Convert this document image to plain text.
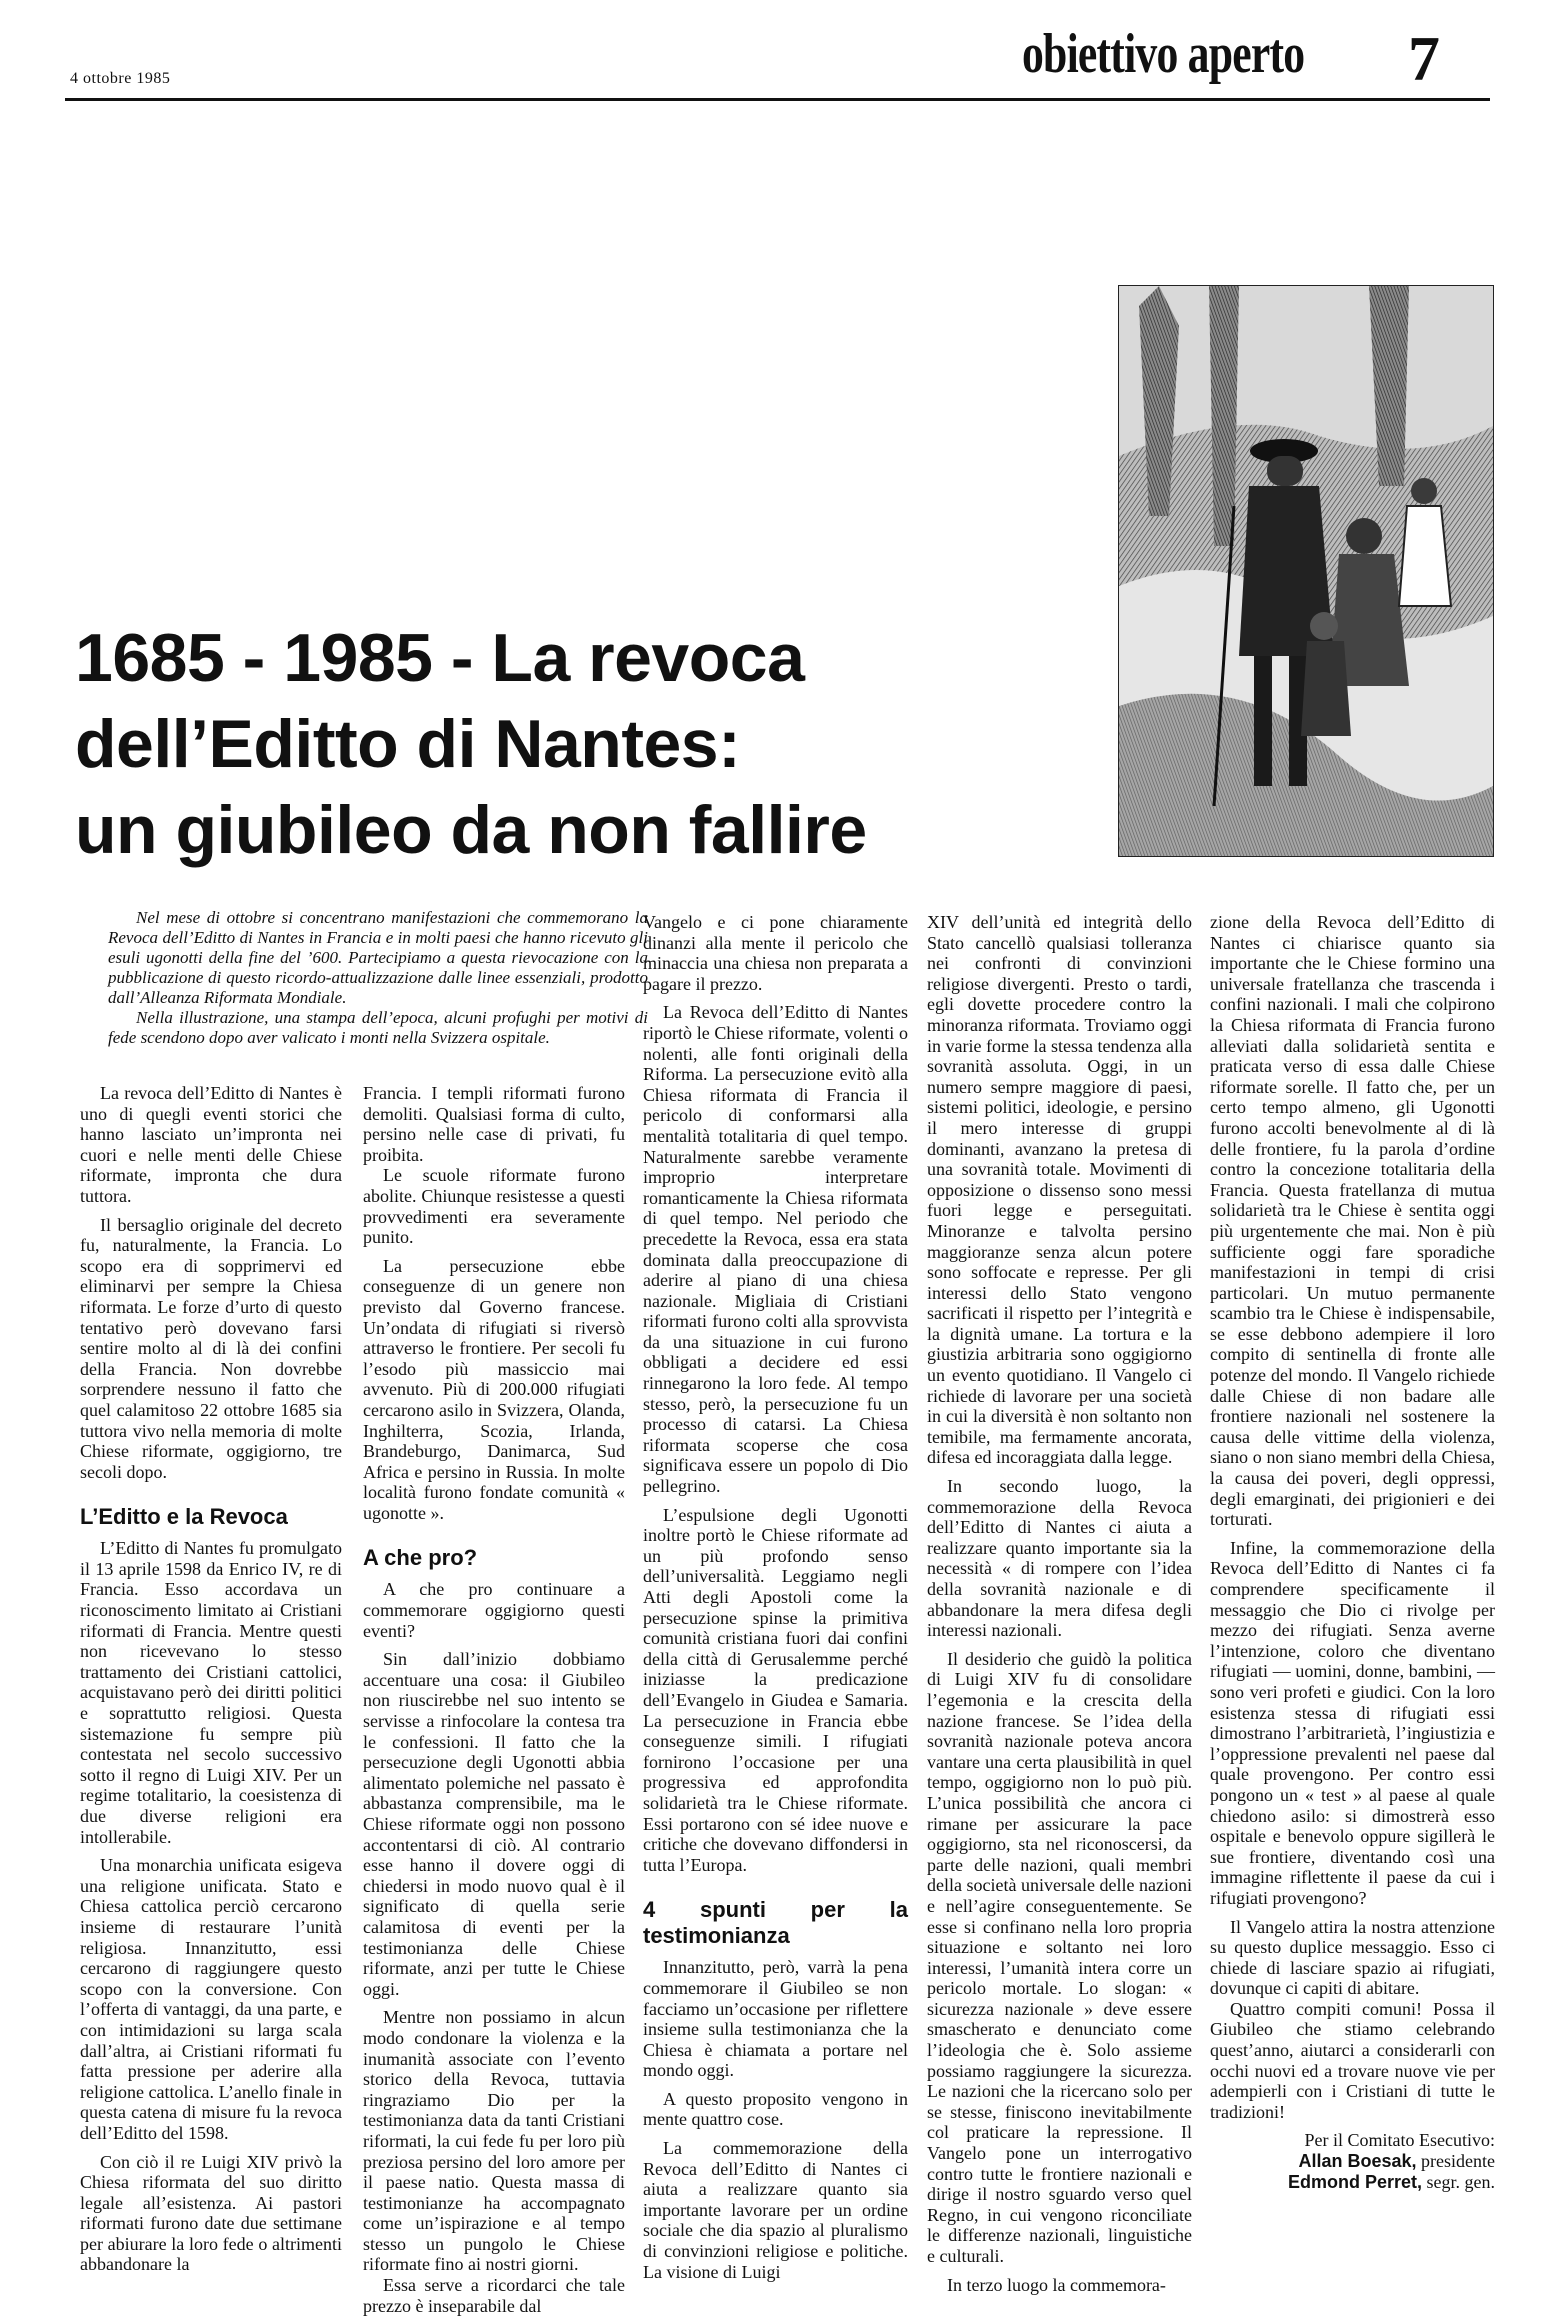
4 ottobre 1985	obiettivo aperto 7
1685 - 1985 - La revoca
dell’Editto di Nantes:
un giubileo da non fallire

Nel mese di ottobre si concentrano manifestazioni che commemorano la Revoca dell’Editto di Nantes in Francia e in molti paesi che hanno ricevuto gli esuli ugonotti della fine del ’600. Partecipiamo a questa rievocazione con la pubblicazione di questo ricordo-attualizzazione dalle linee essenziali, prodotto dall’Alleanza Riformata Mondiale.

Nella illustrazione, una stampa dell’epoca, alcuni profughi per motivi di fede scendono dopo aver valicato i monti nella Svizzera ospitale.

La revoca dell’Editto di Nantes è uno di quegli eventi storici che hanno lasciato un’impronta nei cuori e nelle menti delle Chiese riformate, impronta che dura tuttora.

Il bersaglio originale del decreto fu, naturalmente, la Francia. Lo scopo era di sopprimervi ed eliminarvi per sempre la Chiesa riformata. Le forze d’urto di questo tentativo però dovevano farsi sentire molto al di là dei confini della Francia. Non dovrebbe sorprendere nessuno il fatto che quel calamitoso 22 ottobre 1685 sia tuttora vivo nella memoria di molte Chiese riformate, oggigiorno, tre secoli dopo.

L’Editto e la Revoca

L’Editto di Nantes fu promulgato il 13 aprile 1598 da Enrico IV, re di Francia. Esso accordava un riconoscimento limitato ai Cristiani riformati di Francia. Mentre questi non ricevevano lo stesso trattamento dei Cristiani cattolici, acquistavano però dei diritti politici e soprattutto religiosi. Questa sistemazione fu sempre più contestata nel secolo successivo sotto il regno di Luigi XIV. Per un regime totalitario, la coesistenza di due diverse religioni era intollerabile.

Una monarchia unificata esigeva una religione unificata. Stato e Chiesa cattolica perciò cercarono insieme di restaurare l’unità religiosa. Innanzitutto, essi cercarono di raggiungere questo scopo con la conversione. Con l’offerta di vantaggi, da una parte, e con intimidazioni su larga scala dall’altra, ai Cristiani riformati fu fatta pressione per aderire alla religione cattolica. L’anello finale in questa catena di misure fu la revoca dell’Editto del 1598.

Con ciò il re Luigi XIV privò la Chiesa riformata del suo diritto legale all’esistenza. Ai pastori riformati furono date due settimane per abiurare la loro fede o altrimenti abbandonare la

Francia. I templi riformati furono demoliti. Qualsiasi forma di culto, persino nelle case di privati, fu proibita.

Le scuole riformate furono abolite. Chiunque resistesse a questi provvedimenti era severamente punito.

La persecuzione ebbe conseguenze di un genere non previsto dal Governo francese. Un’ondata di rifugiati si riversò attraverso le frontiere. Per secoli fu l’esodo più massiccio mai avvenuto. Più di 200.000 rifugiati cercarono asilo in Svizzera, Olanda, Inghilterra, Scozia, Irlanda, Brandeburgo, Danimarca, Sud Africa e persino in Russia. In molte località furono fondate comunità « ugonotte ».

A che pro?

A che pro continuare a commemorare oggigiorno questi eventi?

Sin dall’inizio dobbiamo accentuare una cosa: il Giubileo non riuscirebbe nel suo intento se servisse a rinfocolare la contesa tra le confessioni. Il fatto che la persecuzione degli Ugonotti abbia alimentato polemiche nel passato è abbastanza comprensibile, ma le Chiese riformate oggi non possono accontentarsi di ciò. Al contrario esse hanno il dovere oggi di chiedersi in modo nuovo qual è il significato di quella serie calamitosa di eventi per la testimonianza delle Chiese riformate, anzi per tutte le Chiese oggi.

Mentre non possiamo in alcun modo condonare la violenza e la inumanità associate con l’evento storico della Revoca, tuttavia ringraziamo Dio per la testimonianza data da tanti Cristiani riformati, la cui fede fu per loro più preziosa persino del loro amore per il paese natio. Questa massa di testimonianze ha accompagnato come un’ispirazione e al tempo stesso un pungolo le Chiese riformate fino ai nostri giorni.

Essa serve a ricordarci che tale prezzo è inseparabile dal

Vangelo e ci pone chiaramente dinanzi alla mente il pericolo che minaccia una chiesa non preparata a pagare il prezzo.

La Revoca dell’Editto di Nantes riportò le Chiese riformate, volenti o nolenti, alle fonti originali della Riforma. La persecuzione evitò alla Chiesa riformata di Francia il pericolo di conformarsi alla mentalità totalitaria di quel tempo. Naturalmente sarebbe veramente improprio interpretare romanticamente la Chiesa riformata di quel tempo. Nel periodo che precedette la Revoca, essa era stata dominata dalla preoccupazione di aderire al piano di una chiesa nazionale. Migliaia di Cristiani riformati furono colti alla sprovvista da una situazione in cui furono obbligati a decidere ed essi rinnegarono la loro fede. Al tempo stesso, però, la persecuzione fu un processo di catarsi. La Chiesa riformata scoperse che cosa significava essere un popolo di Dio pellegrino.

L’espulsione degli Ugonotti inoltre portò le Chiese riformate ad un più profondo senso dell’universalità. Leggiamo negli Atti degli Apostoli come la persecuzione spinse la primitiva comunità cristiana fuori dai confini della città di Gerusalemme perché iniziasse la predicazione dell’Evangelo in Giudea e Samaria. La persecuzione in Francia ebbe conseguenze simili. I rifugiati fornirono l’occasione per una progressiva ed approfondita solidarietà tra le Chiese riformate. Essi portarono con sé idee nuove e critiche che dovevano diffondersi in tutta l’Europa.

4 spunti per la testimonianza

Innanzitutto, però, varrà la pena commemorare il Giubileo se non facciamo un’occasione per riflettere insieme sulla testimonianza che la Chiesa è chiamata a portare nel mondo oggi.

A questo proposito vengono in mente quattro cose.

La commemorazione della Revoca dell’Editto di Nantes ci aiuta a realizzare quanto sia importante lavorare per un ordine sociale che dia spazio al pluralismo di convinzioni religiose e politiche. La visione di Luigi

XIV dell’unità ed integrità dello Stato cancellò qualsiasi tolleranza nei confronti di convinzioni religiose divergenti. Presto o tardi, egli dovette procedere contro la minoranza riformata. Troviamo oggi in varie forme la stessa tendenza alla sovranità assoluta. Oggi, in un numero sempre maggiore di paesi, sistemi politici, ideologie, e persino il mero interesse di gruppi dominanti, avanzano la pretesa di una sovranità totale. Movimenti di opposizione o dissenso sono messi fuori legge e perseguitati. Minoranze e talvolta persino maggioranze senza alcun potere sono soffocate e represse. Per gli interessi dello Stato vengono sacrificati il rispetto per l’integrità e la dignità umane. La tortura e la giustizia arbitraria sono oggigiorno un evento quotidiano. Il Vangelo ci richiede di lavorare per una società in cui la diversità è non soltanto non temibile, ma fermamente ancorata, difesa ed incoraggiata dalla legge.

In secondo luogo, la commemorazione della Revoca dell’Editto di Nantes ci aiuta a realizzare quanto importante sia la necessità « di rompere con l’idea della sovranità nazionale e di abbandonare la mera difesa degli interessi nazionali.

Il desiderio che guidò la politica di Luigi XIV fu di consolidare l’egemonia e la crescita della nazione francese. Se l’idea della sovranità nazionale poteva ancora vantare una certa plausibilità in quel tempo, oggigiorno non lo può più. L’unica possibilità che ancora ci rimane per assicurare la pace oggigiorno, sta nel riconoscersi, da parte delle nazioni, quali membri della società universale delle nazioni e nell’agire conseguentemente. Se esse si confinano nella loro propria situazione e soltanto nei loro interessi, l’umanità intera corre un pericolo mortale. Lo slogan: « sicurezza nazionale » deve essere smascherato e denunciato come l’ideologia che è. Solo assieme possiamo raggiungere la sicurezza. Le nazioni che la ricercano solo per se stesse, finiscono inevitabilmente col praticare la repressione. Il Vangelo pone un interrogativo contro tutte le frontiere nazionali e dirige il nostro sguardo verso quel Regno, in cui vengono riconciliate le differenze nazionali, linguistiche e culturali.

In terzo luogo la commemora-

zione della Revoca dell’Editto di Nantes ci chiarisce quanto sia importante che le Chiese formino una universale fratellanza che trascenda i confini nazionali. I mali che colpirono la Chiesa riformata di Francia furono alleviati dalla solidarietà sentita e praticata verso di essa dalle Chiese riformate sorelle. Il fatto che, per un certo tempo almeno, gli Ugonotti furono accolti benevolmente al di là delle frontiere, fu la parola d’ordine contro la concezione totalitaria della Francia. Questa fratellanza di mutua solidarietà tra le Chiese è sentita oggi più urgentemente che mai. Non è più sufficiente oggi fare sporadiche manifestazioni in tempi di crisi particolari. Un mutuo permanente scambio tra le Chiese è indispensabile, se esse debbono adempiere il loro compito di sentinella di fronte alle potenze del mondo. Il Vangelo richiede dalle Chiese di non badare alle frontiere nazionali nel sostenere la causa delle vittime della violenza, siano o non siano membri della Chiesa, la causa dei poveri, degli oppressi, degli emarginati, dei prigionieri e dei torturati.

Infine, la commemorazione della Revoca dell’Editto di Nantes ci fa comprendere specificamente il messaggio che Dio ci rivolge per mezzo dei rifugiati. Senza averne l’intenzione, coloro che diventano rifugiati — uomini, donne, bambini, — sono veri profeti e giudici. Con la loro esistenza stessa di rifugiati essi dimostrano l’arbitrarietà, l’ingiustizia e l’oppressione prevalenti nel paese dal quale provengono. Per contro essi pongono un « test » al paese al quale chiedono asilo: si dimostrerà esso ospitale e benevolo oppure sigillerà le sue frontiere, diventando così una immagine riflettente il paese da cui i rifugiati provengono?

Il Vangelo attira la nostra attenzione su questo duplice messaggio. Esso ci chiede di lasciare spazio ai rifugiati, dovunque ci capiti di abitare.

Quattro compiti comuni! Possa il Giubileo che stiamo celebrando quest’anno, aiutarci a considerarli con occhi nuovi ed a trovare nuove vie per adempierli con i Cristiani di tutte le tradizioni!

Per il Comitato Esecutivo:

Allan Boesak, presidente

Edmond Perret, segr. gen.
